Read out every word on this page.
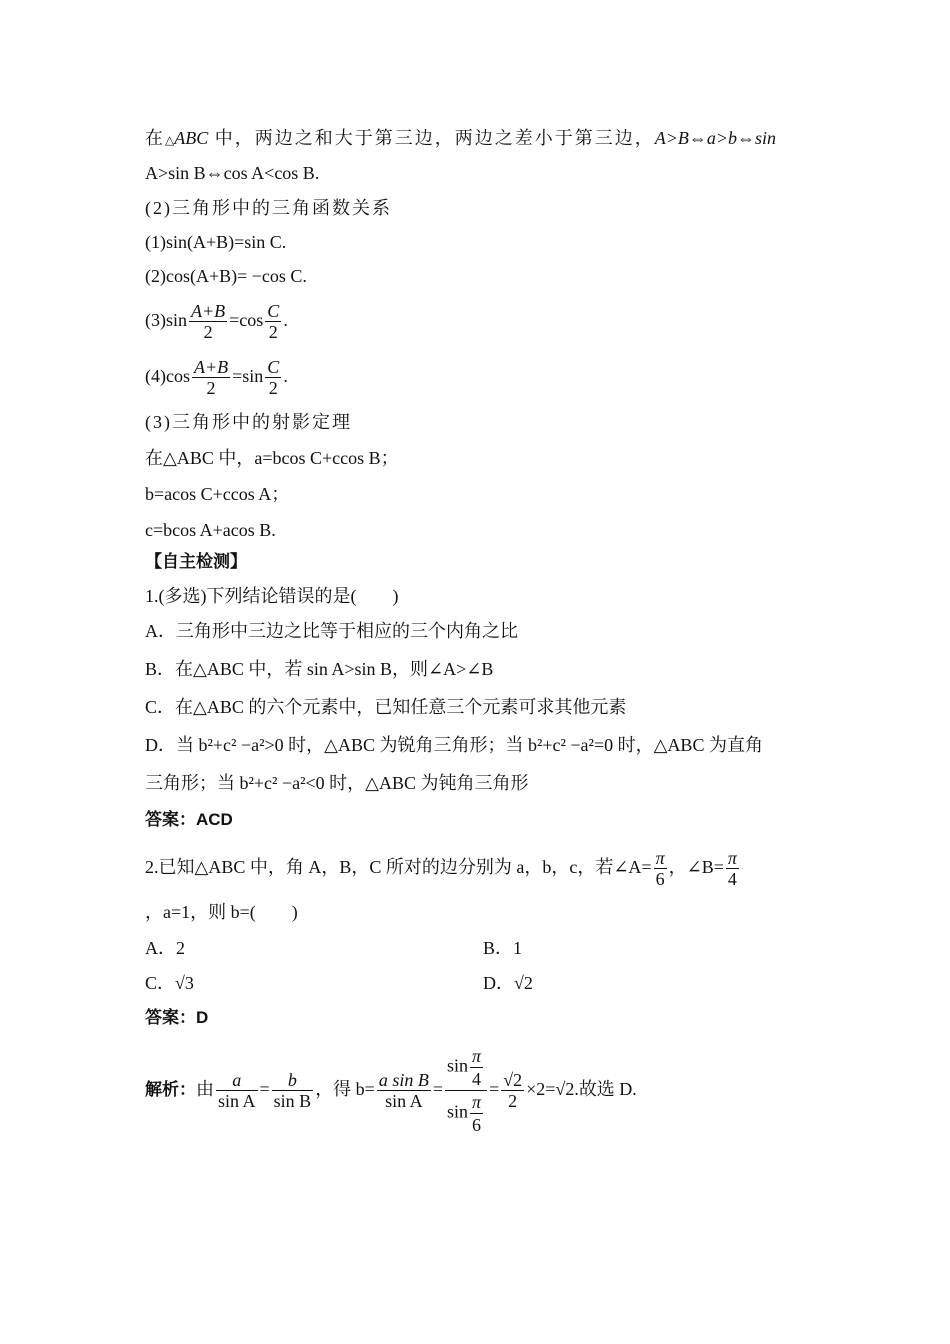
在△ABC 中，两边之和大于第三边，两边之差小于第三边，A>B⇔a>b⇔sin
A>sin B⇔cos A<cos B.
(2)三角形中的三角函数关系
(1)sin(A+B)=sin C.
(2)cos(A+B)= −cos C.
$(3)\sin \frac{A+B}{2} =\cos \frac{C}{2}$ .
$(4)\cos \frac{A+B}{2} =\sin \frac{C}{2}$ .
(3)三角形中的射影定理
在△ABC 中，a=bcos C+ccos B；
b=acos C+ccos A；
c=bcos A+acos B.
【自主检测】
1.(多选)下列结论错误的是(　　)
A．三角形中三边之比等于相应的三个内角之比
B．在△ABC 中，若 sin A>sin B，则∠A>∠B
C．在△ABC 的六个元素中，已知任意三个元素可求其他元素
D．当 b²+c² −a²>0 时，△ABC 为锐角三角形；当 b²+c² −a²=0 时，△ABC 为直角
三角形；当 b²+c² −a²<0 时，△ABC 为钝角三角形
答案：ACD
2.已知△ABC 中，角 A，B，C 所对的边分别为 a，b，c，若∠A= $\frac{\pi}{6}$ ，∠B= $\frac{\pi}{4}$
，a=1，则 b=(　　)
A．2	B．1
C．√ 3	D．√ 2
答案：D
解析：由 $\frac{a}{\text{sin A}} = \frac{b}{\text{sin B}}$ ，得 $b= \frac{\text{a sin B}}{\text{sin A}} = \frac{\sin \frac{\pi}{4}}{\sin \frac{\pi}{6}}$ =
√ $\frac{2}{2} \times 2=√$ 2.故选 D.
